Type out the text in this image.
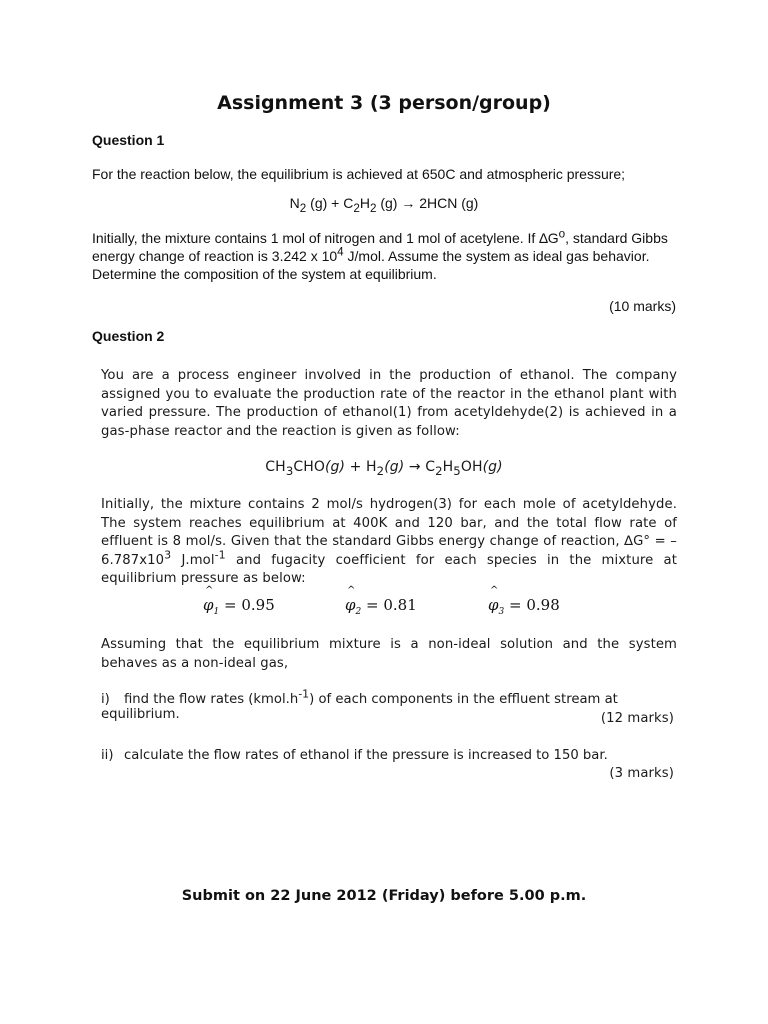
Assignment 3 (3 person/group)
Question 1
For the reaction below, the equilibrium is achieved at 650C and atmospheric pressure;
$N_2$ $(g) + C_2H_2$ (g) → 2HCN (g)
Initially, the mixture contains 1 mol of nitrogen and 1 mol of acetylene. If $\Delta G^o$, standard Gibbs energy change of reaction is 3.242 x $10^4$ J/mol. Assume the system as ideal gas behavior. Determine the composition of the system at equilibrium.
(10 marks)
Question 2
You are a process engineer involved in the production of ethanol. The company assigned you to evaluate the production rate of the reactor in the ethanol plant with varied pressure. The production of ethanol(1) from acetyldehyde(2) is achieved in a gas-phase reactor and the reaction is given as follow:
$CH_3CHO(g) + H_2(g) \to C_2H_5OH(g)$
Initially, the mixture contains 2 mol/s hydrogen(3) for each mole of acetyldehyde. The system reaches equilibrium at 400K and 120 bar, and the total flow rate of effluent is 8 mol/s. Given that the standard Gibbs energy change of reaction, $\Delta G^\circ = -6.787x10^3$ J.mol$^{-1}$ and fugacity coefficient for each species in the mixture at equilibrium pressure as below:
^ $\varphi_1 = 0.95$	^ $\varphi_2 = 0.81$	^ $\varphi_3 = 0.98$
Assuming that the equilibrium mixture is a non-ideal solution and the system behaves as a non-ideal gas,
i) find the flow rates $(kmol.h^{-1})$ of each components in the effluent stream at equilibrium.	(12 marks)
ii) calculate the flow rates of ethanol if the pressure is increased to 150 bar.
(3 marks)
Submit on 22 June 2012 (Friday) before 5.00 p.m.
